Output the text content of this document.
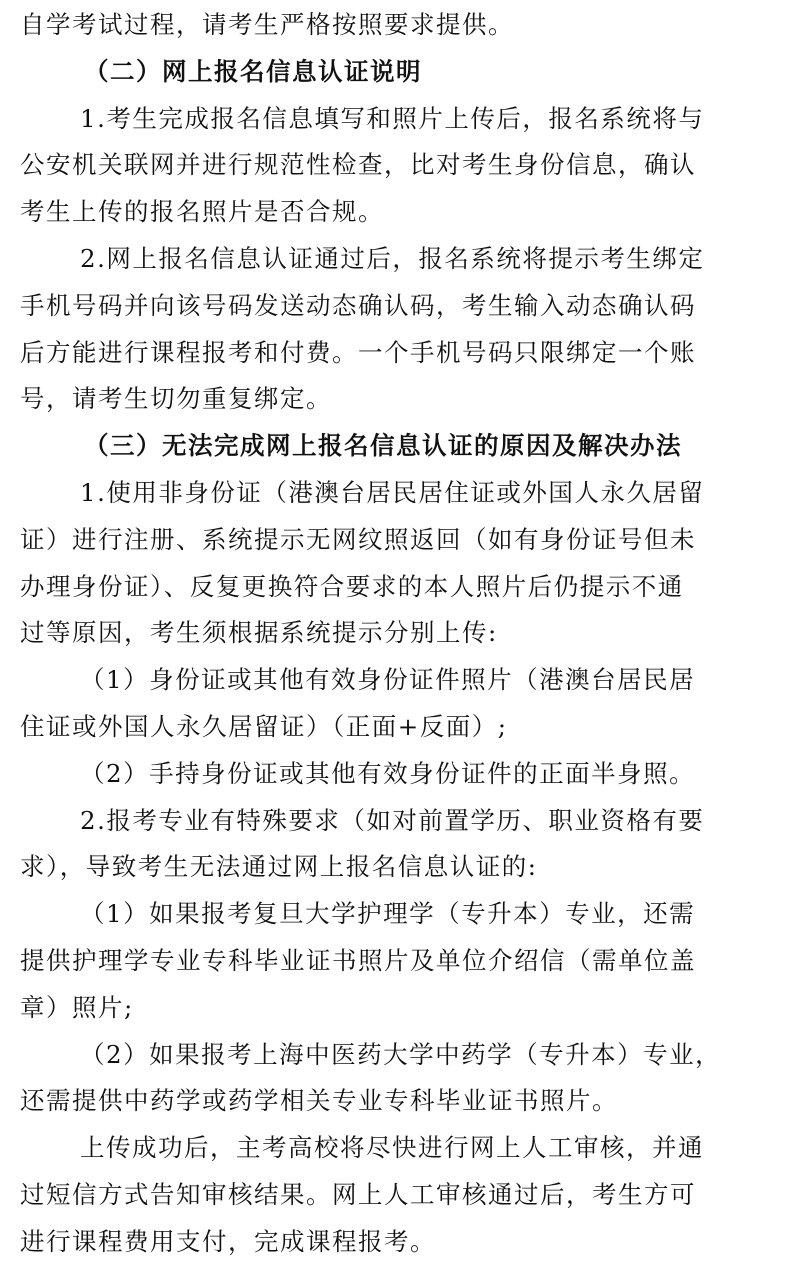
自学考试过程，请考生严格按照要求提供。
（二）网上报名信息认证说明
1.考生完成报名信息填写和照片上传后，报名系统将与
公安机关联网并进行规范性检查，比对考生身份信息，确认
考生上传的报名照片是否合规。
2.网上报名信息认证通过后，报名系统将提示考生绑定
手机号码并向该号码发送动态确认码，考生输入动态确认码
后方能进行课程报考和付费。一个手机号码只限绑定一个账
号，请考生切勿重复绑定。
（三）无法完成网上报名信息认证的原因及解决办法
1.使用非身份证（港澳台居民居住证或外国人永久居留
证）进行注册、系统提示无网纹照返回（如有身份证号但未
办理身份证）、反复更换符合要求的本人照片后仍提示不通
过等原因，考生须根据系统提示分别上传:
（1）身份证或其他有效身份证件照片（港澳台居民居
住证或外国人永久居留证）（正面+反面）;
（2）手持身份证或其他有效身份证件的正面半身照。
2.报考专业有特殊要求（如对前置学历、职业资格有要
求），导致考生无法通过网上报名信息认证的:
（1）如果报考复旦大学护理学（专升本）专业，还需
提供护理学专业专科毕业证书照片及单位介绍信（需单位盖
章）照片;
（2）如果报考上海中医药大学中药学（专升本）专业，
还需提供中药学或药学相关专业专科毕业证书照片。
上传成功后，主考高校将尽快进行网上人工审核，并通
过短信方式告知审核结果。网上人工审核通过后，考生方可
进行课程费用支付，完成课程报考。
